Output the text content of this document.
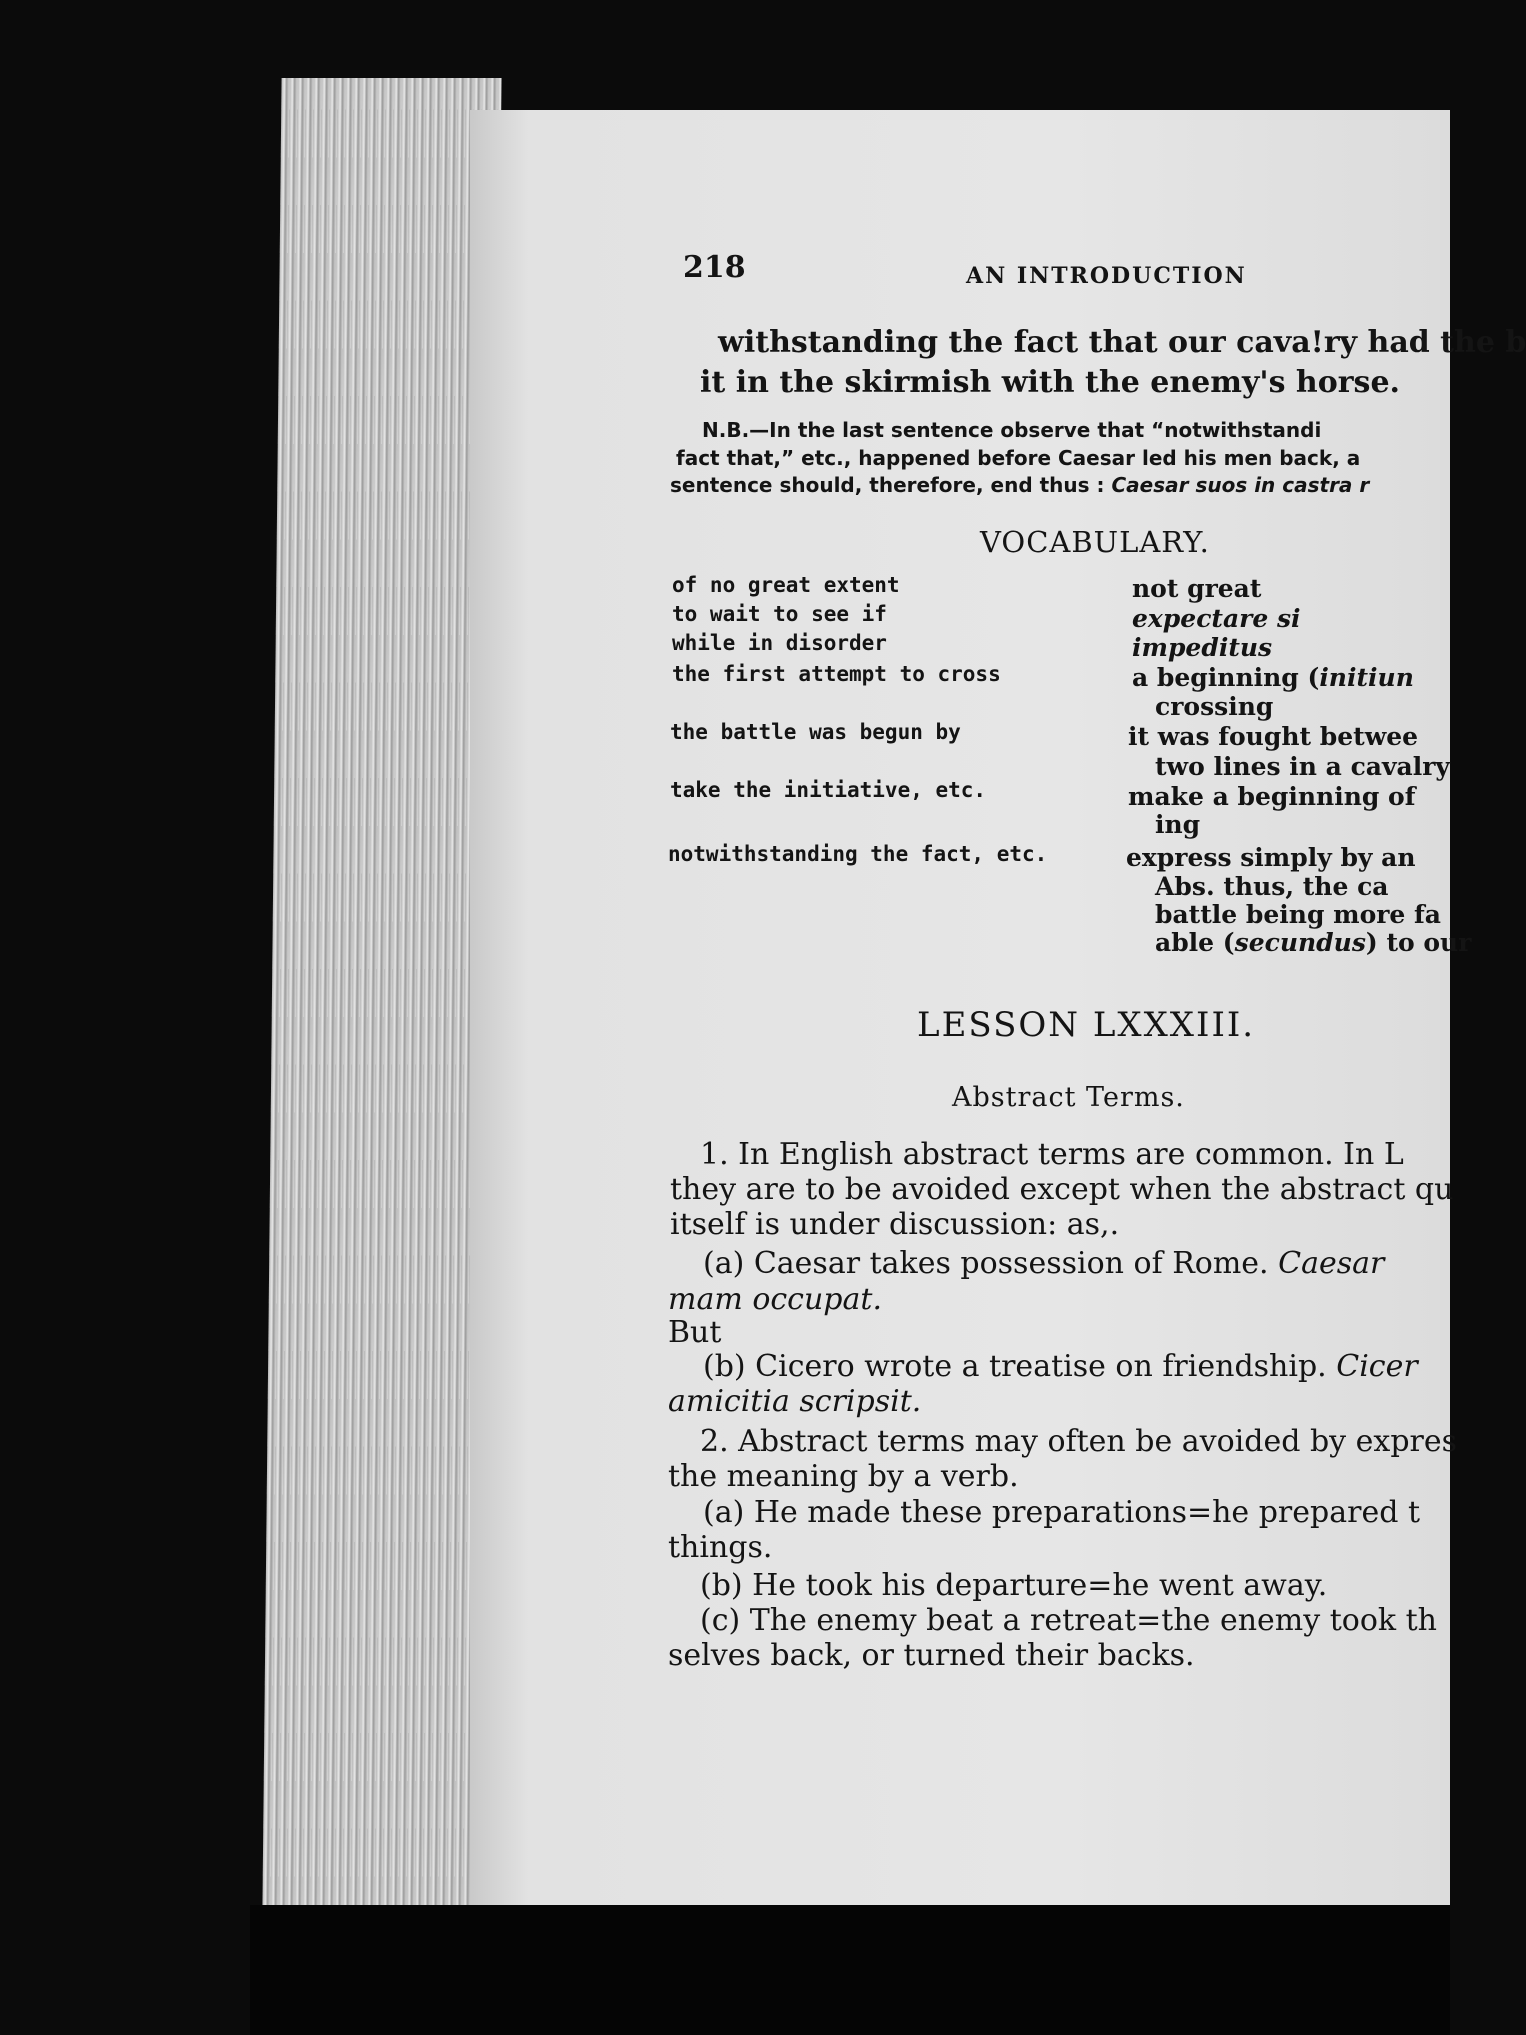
218	AN INTRODUCTION
withstanding the fact that our cava!ry had the b
it in the skirmish with the enemy's horse.
N.B.—In the last sentence observe that “notwithstandi
fact that,” etc., happened before Caesar led his men back, a
sentence should, therefore, end thus : Caesar suos in castra r
VOCABULARY.
of no great extent	not great
to wait to see if	expectare si
while in disorder	impeditus
the first attempt to cross	a beginning (initiun
crossing
the battle was begun by	it was fought betwee
two lines in a cavalry
take the initiative, etc.	make a beginning of
ing
notwithstanding the fact, etc.	express simply by an
Abs. thus, the ca
battle being more fa
able (secundus) to our
LESSON LXXXIII.
Abstract Terms.
1. In English abstract terms are common. In L
they are to be avoided except when the abstract qu
itself is under discussion: as,.
(a) Caesar takes possession of Rome. Caesar
mam occupat.
But
(b) Cicero wrote a treatise on friendship. Cicer
amicitia scripsit.
2. Abstract terms may often be avoided by expres
the meaning by a verb.
(a) He made these preparations=he prepared t
things.
(b) He took his departure=he went away.
(c) The enemy beat a retreat=the enemy took th
selves back, or turned their backs.
